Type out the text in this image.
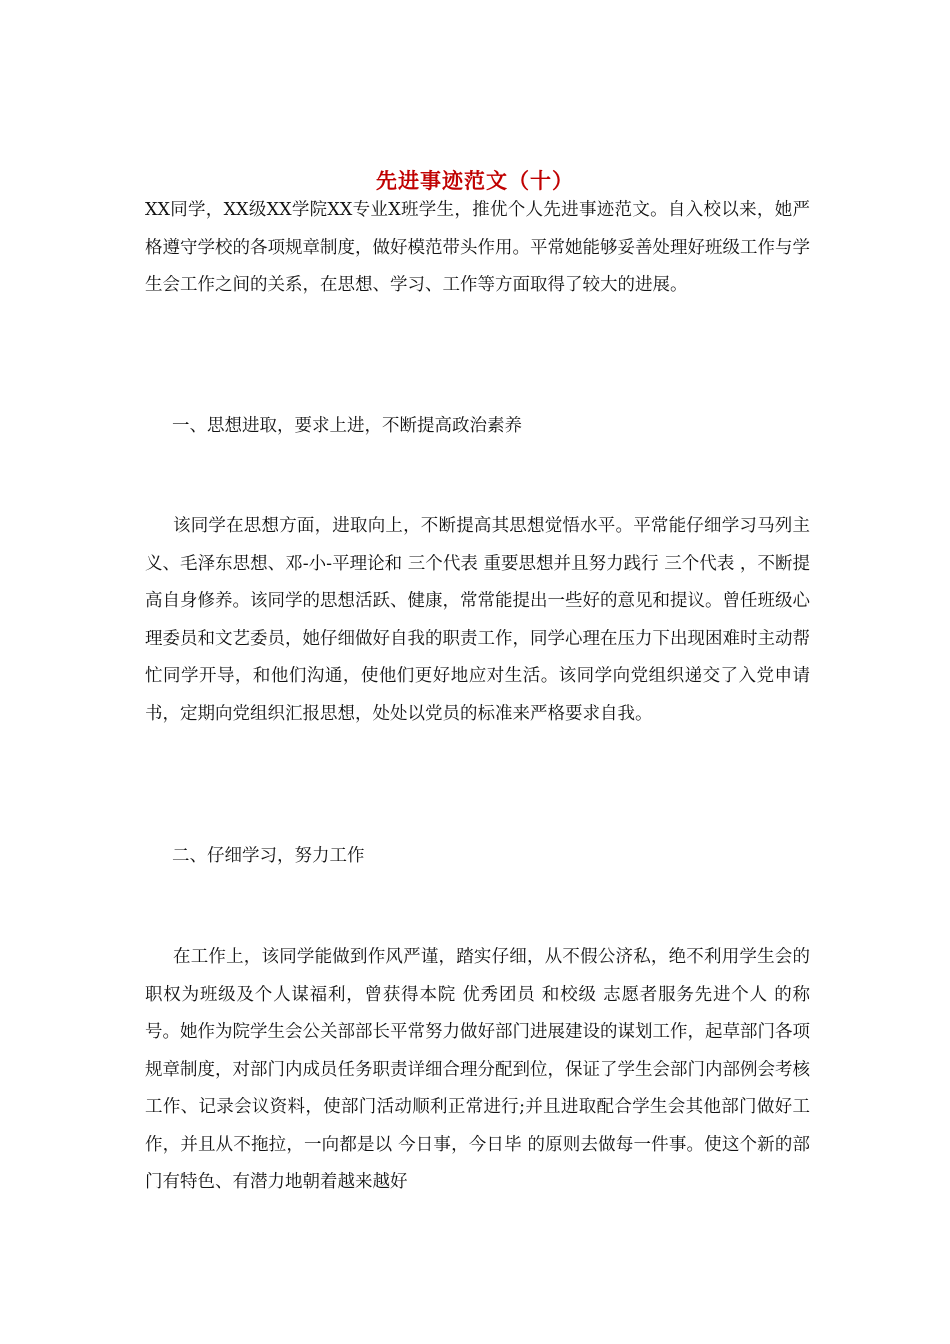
先进事迹范文（十）

XX同学，XX级XX学院XX专业X班学生，推优个人先进事迹范文。自入校以来，她严格遵守学校的各项规章制度，做好模范带头作用。平常她能够妥善处理好班级工作与学生会工作之间的关系，在思想、学习、工作等方面取得了较大的进展。

一、思想进取，要求上进，不断提高政治素养

该同学在思想方面，进取向上，不断提高其思想觉悟水平。平常能仔细学习马列主义、毛泽东思想、邓-小-平理论和 三个代表 重要思想并且努力践行 三个代表 ，不断提高自身修养。该同学的思想活跃、健康，常常能提出一些好的意见和提议。曾任班级心理委员和文艺委员，她仔细做好自我的职责工作，同学心理在压力下出现困难时主动帮忙同学开导，和他们沟通，使他们更好地应对生活。该同学向党组织递交了入党申请书，定期向党组织汇报思想，处处以党员的标准来严格要求自我。

二、仔细学习，努力工作

在工作上，该同学能做到作风严谨，踏实仔细，从不假公济私，绝不利用学生会的职权为班级及个人谋福利，曾获得本院 优秀团员 和校级 志愿者服务先进个人 的称号。她作为院学生会公关部部长平常努力做好部门进展建设的谋划工作，起草部门各项规章制度，对部门内成员任务职责详细合理分配到位，保证了学生会部门内部例会考核工作、记录会议资料，使部门活动顺利正常进行;并且进取配合学生会其他部门做好工作，并且从不拖拉，一向都是以 今日事，今日毕 的原则去做每一件事。使这个新的部门有特色、有潜力地朝着越来越好
